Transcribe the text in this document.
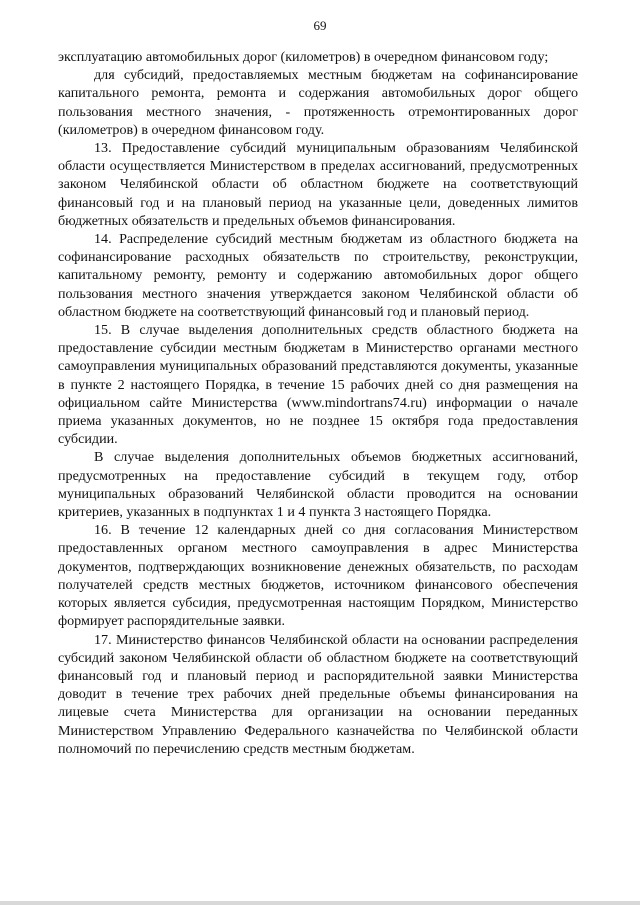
69

эксплуатацию автомобильных дорог (километров) в очередном финансовом году;

для субсидий, предоставляемых местным бюджетам на софинансирование капитального ремонта, ремонта и содержания автомобильных дорог общего пользования местного значения, - протяженность отремонтированных дорог (километров) в очередном финансовом году.

13. Предоставление субсидий муниципальным образованиям Челябинской области осуществляется Министерством в пределах ассигнований, предусмотренных законом Челябинской области об областном бюджете на соответствующий финансовый год и на плановый период на указанные цели, доведенных лимитов бюджетных обязательств и предельных объемов финансирования.

14. Распределение субсидий местным бюджетам из областного бюджета на софинансирование расходных обязательств по строительству, реконструкции, капитальному ремонту, ремонту и содержанию автомобильных дорог общего пользования местного значения утверждается законом Челябинской области об областном бюджете на соответствующий финансовый год и плановый период.

15. В случае выделения дополнительных средств областного бюджета на предоставление субсидии местным бюджетам в Министерство органами местного самоуправления муниципальных образований представляются документы, указанные в пункте 2 настоящего Порядка, в течение 15 рабочих дней со дня размещения на официальном сайте Министерства (www.mindortrans74.ru) информации о начале приема указанных документов, но не позднее 15 октября года предоставления субсидии.

В случае выделения дополнительных объемов бюджетных ассигнований, предусмотренных на предоставление субсидий в текущем году, отбор муниципальных образований Челябинской области проводится на основании критериев, указанных в подпунктах 1 и 4 пункта 3 настоящего Порядка.

16. В течение 12 календарных дней со дня согласования Министерством предоставленных органом местного самоуправления в адрес Министерства документов, подтверждающих возникновение денежных обязательств, по расходам получателей средств местных бюджетов, источником финансового обеспечения которых является субсидия, предусмотренная настоящим Порядком, Министерство формирует распорядительные заявки.

17. Министерство финансов Челябинской области на основании распределения субсидий законом Челябинской области об областном бюджете на соответствующий финансовый год и плановый период и распорядительной заявки Министерства доводит в течение трех рабочих дней предельные объемы финансирования на лицевые счета Министерства для организации на основании переданных Министерством Управлению Федерального казначейства по Челябинской области полномочий по перечислению средств местным бюджетам.
